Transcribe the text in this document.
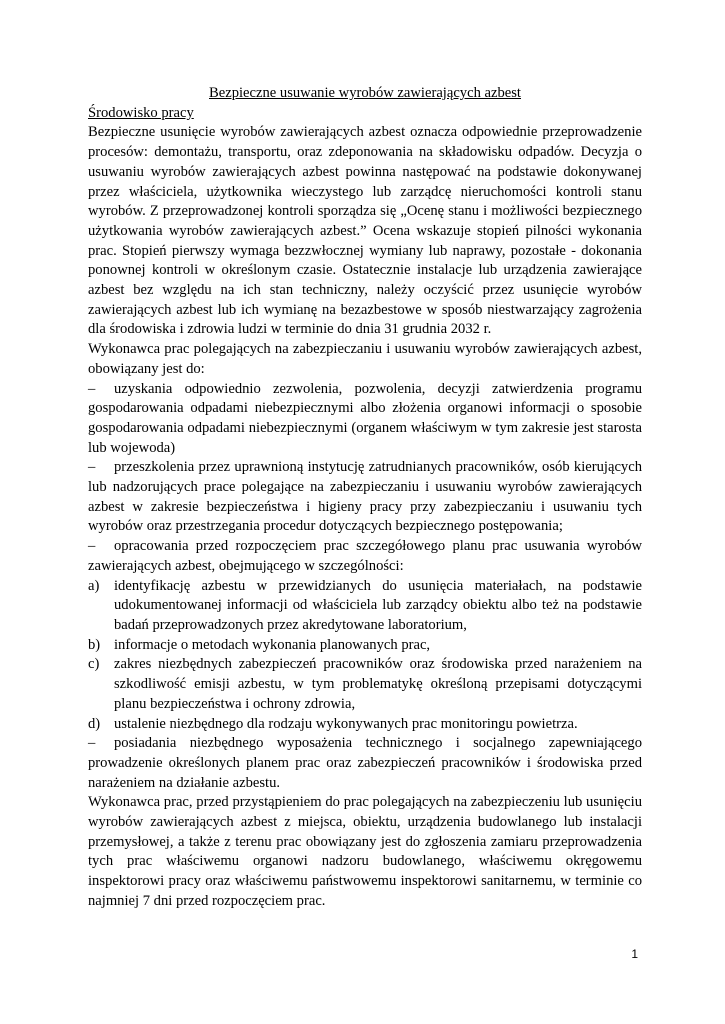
Bezpieczne usuwanie wyrobów zawierających azbest

Środowisko pracy

Bezpieczne usunięcie wyrobów zawierających azbest oznacza odpowiednie przeprowadzenie procesów: demontażu, transportu, oraz zdeponowania na składowisku odpadów. Decyzja o usuwaniu wyrobów zawierających azbest powinna następować na podstawie dokonywanej przez właściciela, użytkownika wieczystego lub zarządcę nieruchomości kontroli stanu wyrobów. Z przeprowadzonej kontroli sporządza się „Ocenę stanu i możliwości bezpiecznego użytkowania wyrobów zawierających azbest.” Ocena wskazuje stopień pilności wykonania prac. Stopień pierwszy wymaga bezzwłocznej wymiany lub naprawy, pozostałe - dokonania ponownej kontroli w określonym czasie. Ostatecznie instalacje lub urządzenia zawierające azbest bez względu na ich stan techniczny, należy oczyścić przez usunięcie wyrobów zawierających azbest lub ich wymianę na bezazbestowe w sposób niestwarzający zagrożenia dla środowiska i zdrowia ludzi w terminie do dnia 31 grudnia 2032 r.

Wykonawca prac polegających na zabezpieczaniu i usuwaniu wyrobów zawierających azbest, obowiązany jest do:

– uzyskania odpowiednio zezwolenia, pozwolenia, decyzji zatwierdzenia programu gospodarowania odpadami niebezpiecznymi albo złożenia organowi informacji o sposobie gospodarowania odpadami niebezpiecznymi (organem właściwym w tym zakresie jest starosta lub wojewoda)

– przeszkolenia przez uprawnioną instytucję zatrudnianych pracowników, osób kierujących lub nadzorujących prace polegające na zabezpieczaniu i usuwaniu wyrobów zawierających azbest w zakresie bezpieczeństwa i higieny pracy przy zabezpieczaniu i usuwaniu tych wyrobów oraz przestrzegania procedur dotyczących bezpiecznego postępowania;

– opracowania przed rozpoczęciem prac szczegółowego planu prac usuwania wyrobów zawierających azbest, obejmującego w szczególności:

a) identyfikację azbestu w przewidzianych do usunięcia materiałach, na podstawie udokumentowanej informacji od właściciela lub zarządcy obiektu albo też na podstawie badań przeprowadzonych przez akredytowane laboratorium,
b) informacje o metodach wykonania planowanych prac,
c) zakres niezbędnych zabezpieczeń pracowników oraz środowiska przed narażeniem na szkodliwość emisji azbestu, w tym problematykę określoną przepisami dotyczącymi planu bezpieczeństwa i ochrony zdrowia,
d) ustalenie niezbędnego dla rodzaju wykonywanych prac monitoringu powietrza.

– posiadania niezbędnego wyposażenia technicznego i socjalnego zapewniającego prowadzenie określonych planem prac oraz zabezpieczeń pracowników i środowiska przed narażeniem na działanie azbestu.

Wykonawca prac, przed przystąpieniem do prac polegających na zabezpieczeniu lub usunięciu wyrobów zawierających azbest z miejsca, obiektu, urządzenia budowlanego lub instalacji przemysłowej, a także z terenu prac obowiązany jest do zgłoszenia zamiaru przeprowadzenia tych prac właściwemu organowi nadzoru budowlanego, właściwemu okręgowemu inspektorowi pracy oraz właściwemu państwowemu inspektorowi sanitarnemu, w terminie co najmniej 7 dni przed rozpoczęciem prac.

1
